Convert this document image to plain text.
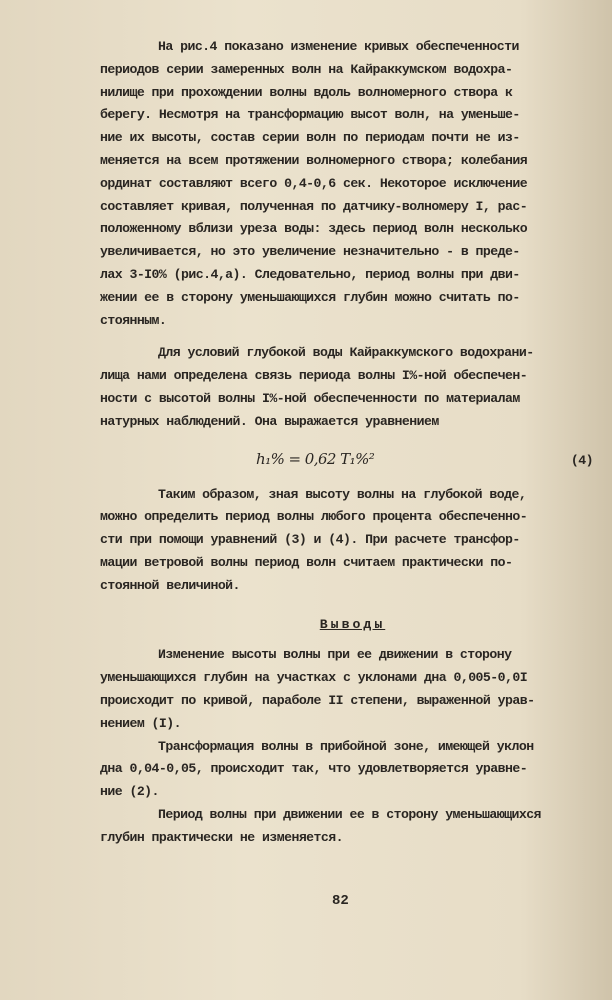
На рис.4 показано изменение кривых обеспеченности
периодов серии замеренных волн на Кайраккумском водохра-
нилище при прохождении волны вдоль волномерного створа к
берегу. Несмотря на трансформацию высот волн, на уменьше-
ние их высоты, состав серии волн по периодам почти не из-
меняется на всем протяжении волномерного створа; колебания
ординат составляют всего 0,4-0,6 сек. Некоторое исключение
составляет кривая, полученная по датчику-волномеру I, рас-
положенному вблизи уреза воды: здесь период волн несколько
увеличивается, но это увеличение незначительно - в преде-
лах 3-I0% (рис.4,а). Следовательно, период волны при дви-
жении ее в сторону уменьшающихся глубин можно считать по-
стоянным.
Для условий глубокой воды Кайраккумского водохрани-
лища нами определена связь периода волны I%-ной обеспечен-
ности с высотой волны I%-ной обеспеченности по материалам
натурных наблюдений. Она выражается уравнением
h₁% = 0,62 T₁%²	(4)
Таким образом, зная высоту волны на глубокой воде,
можно определить период волны любого процента обеспеченно-
сти при помощи уравнений (3) и (4). При расчете трансфор-
мации ветровой волны период волн считаем практически по-
стоянной величиной.
Выводы
Изменение высоты волны при ее движении в сторону
уменьшающихся глубин на участках с уклонами дна 0,005-0,0I
происходит по кривой, параболе II степени, выраженной урав-
нением (I).
Трансформация волны в прибойной зоне, имеющей уклон
дна 0,04-0,05, происходит так, что удовлетворяется уравне-
ние (2).
Период волны при движении ее в сторону уменьшающихся
глубин практически не изменяется.
82
